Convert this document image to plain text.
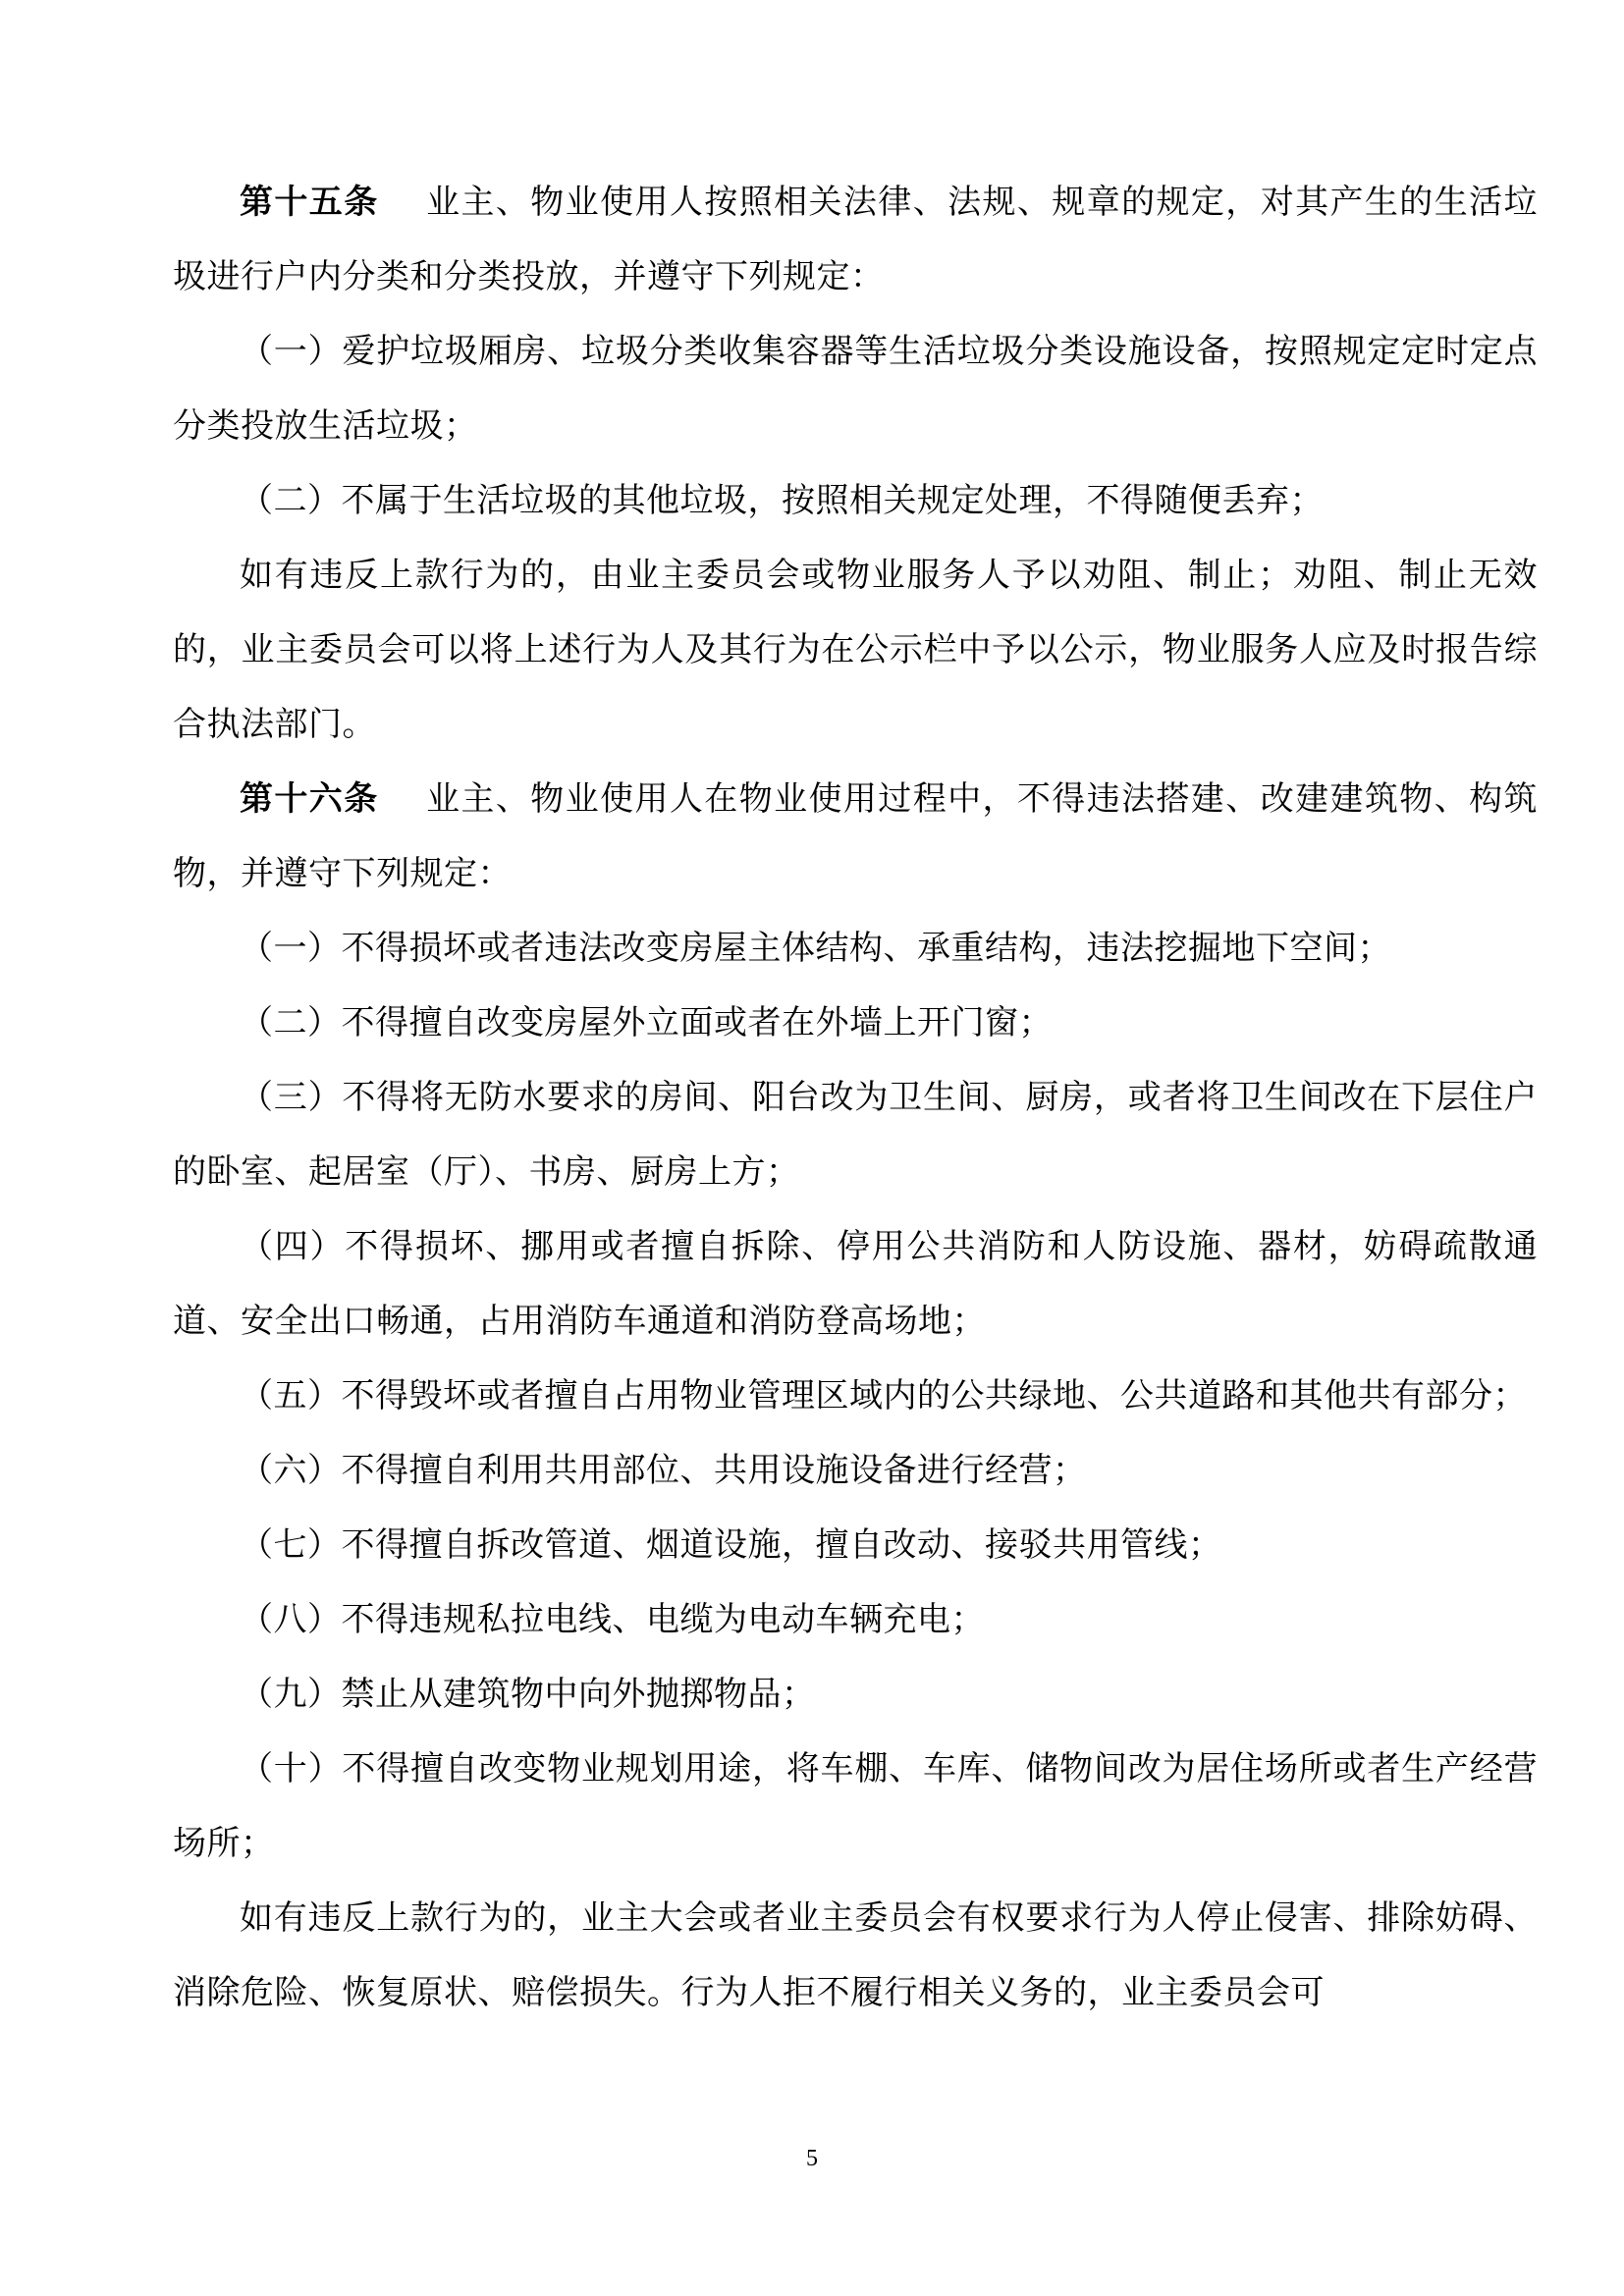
第十五条 业主、物业使用人按照相关法律、法规、规章的规定，对其产生的生活垃圾进行户内分类和分类投放，并遵守下列规定：

（一）爱护垃圾厢房、垃圾分类收集容器等生活垃圾分类设施设备，按照规定定时定点分类投放生活垃圾；

（二）不属于生活垃圾的其他垃圾，按照相关规定处理，不得随便丢弃；

如有违反上款行为的，由业主委员会或物业服务人予以劝阻、制止；劝阻、制止无效的，业主委员会可以将上述行为人及其行为在公示栏中予以公示，物业服务人应及时报告综合执法部门。

第十六条 业主、物业使用人在物业使用过程中，不得违法搭建、改建建筑物、构筑物，并遵守下列规定：

（一）不得损坏或者违法改变房屋主体结构、承重结构，违法挖掘地下空间；

（二）不得擅自改变房屋外立面或者在外墙上开门窗；

（三）不得将无防水要求的房间、阳台改为卫生间、厨房，或者将卫生间改在下层住户的卧室、起居室（厅）、书房、厨房上方；

（四）不得损坏、挪用或者擅自拆除、停用公共消防和人防设施、器材，妨碍疏散通道、安全出口畅通，占用消防车通道和消防登高场地；

（五）不得毁坏或者擅自占用物业管理区域内的公共绿地、公共道路和其他共有部分；

（六）不得擅自利用共用部位、共用设施设备进行经营；

（七）不得擅自拆改管道、烟道设施，擅自改动、接驳共用管线；

（八）不得违规私拉电线、电缆为电动车辆充电；

（九）禁止从建筑物中向外抛掷物品；

（十）不得擅自改变物业规划用途，将车棚、车库、储物间改为居住场所或者生产经营场所；

如有违反上款行为的，业主大会或者业主委员会有权要求行为人停止侵害、排除妨碍、消除危险、恢复原状、赔偿损失。行为人拒不履行相关义务的，业主委员会可

5
